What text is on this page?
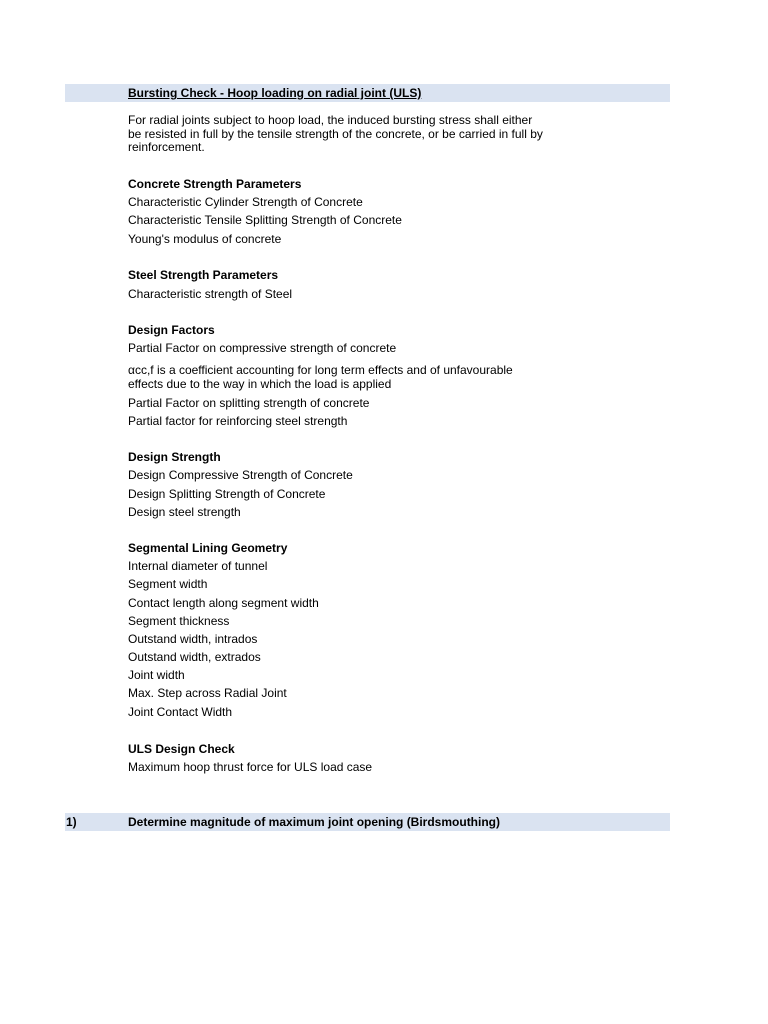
Bursting Check - Hoop loading on radial joint (ULS)
For radial joints subject to hoop load, the induced bursting stress shall either be resisted in full by the tensile strength of the concrete, or be carried in full by reinforcement.
Concrete Strength Parameters
Characteristic Cylinder Strength of Concrete
Characteristic Tensile Splitting Strength of Concrete
Young's modulus of concrete
Steel Strength Parameters
Characteristic strength of Steel
Design Factors
Partial Factor on compressive strength of concrete
αcc,f is a coefficient accounting for long term effects and of unfavourable effects due to the way in which the load is applied
Partial Factor on splitting strength of concrete
Partial factor for reinforcing steel strength
Design Strength
Design Compressive Strength of Concrete
Design Splitting Strength of Concrete
Design steel strength
Segmental Lining Geometry
Internal diameter of tunnel
Segment width
Contact length along segment width
Segment thickness
Outstand width, intrados
Outstand width, extrados
Joint width
Max. Step across Radial Joint
Joint Contact Width
ULS Design Check
Maximum hoop thrust force for ULS load case
1)	Determine magnitude of maximum joint opening (Birdsmouthing)
